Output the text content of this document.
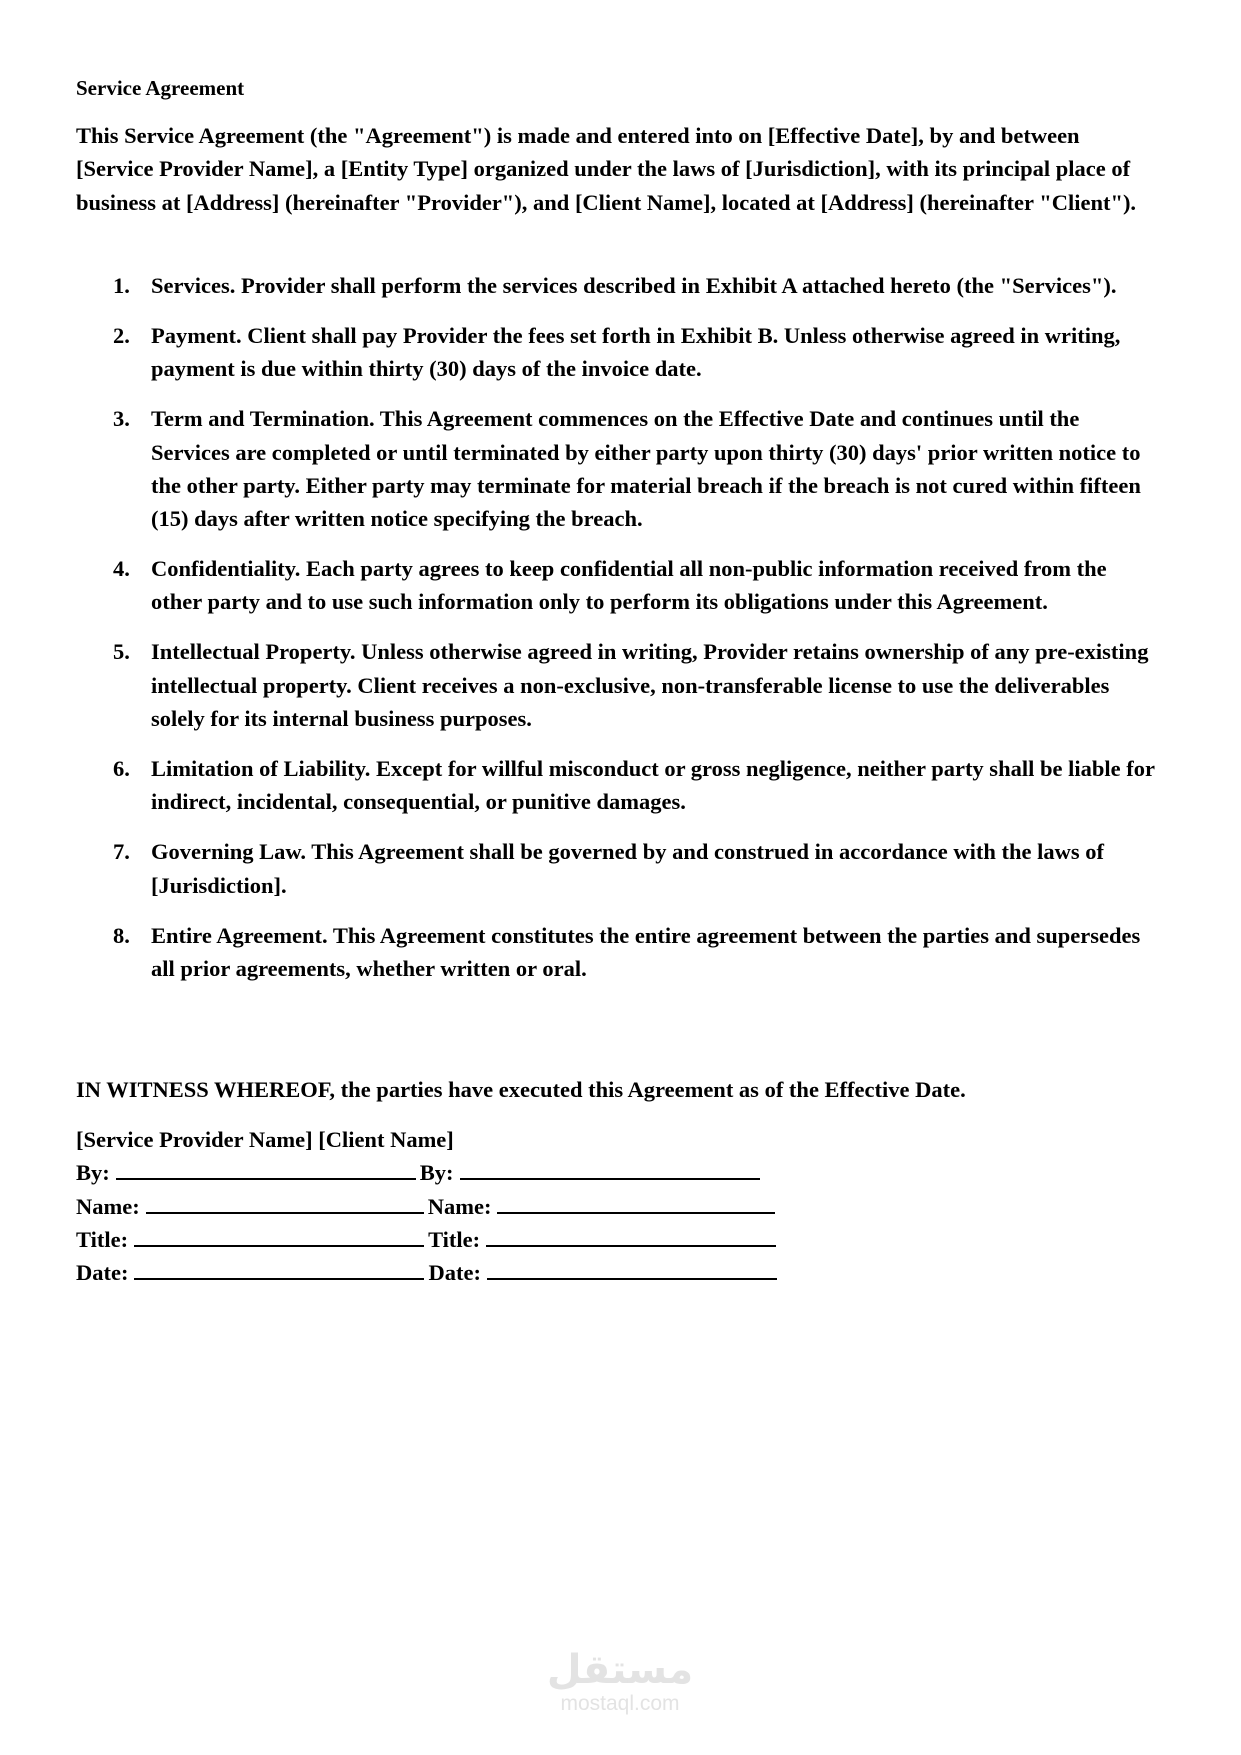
Service Agreement
This Service Agreement (the "Agreement") is made and entered into on [Effective Date], by and between [Service Provider Name], a [Entity Type] organized under the laws of [Jurisdiction], with its principal place of business at [Address] (hereinafter "Provider"), and [Client Name], located at [Address] (hereinafter "Client").
1. Services. Provider shall perform the services described in Exhibit A attached hereto (the "Services").
2. Payment. Client shall pay Provider the fees set forth in Exhibit B. Unless otherwise agreed in writing, payment is due within thirty (30) days of the invoice date.
3. Term and Termination. This Agreement commences on the Effective Date and continues until the Services are completed or until terminated by either party upon thirty (30) days' prior written notice to the other party. Either party may terminate for material breach if the breach is not cured within fifteen (15) days after written notice specifying the breach.
4. Confidentiality. Each party agrees to keep confidential all non-public information received from the other party and to use such information only to perform its obligations under this Agreement.
5. Intellectual Property. Unless otherwise agreed in writing, Provider retains ownership of any pre-existing intellectual property. Client receives a non-exclusive, non-transferable license to use the deliverables solely for its internal business purposes.
6. Limitation of Liability. Except for willful misconduct or gross negligence, neither party shall be liable for indirect, incidental, consequential, or punitive damages.
7. Governing Law. This Agreement shall be governed by and construed in accordance with the laws of [Jurisdiction].
8. Entire Agreement. This Agreement constitutes the entire agreement between the parties and supersedes all prior agreements, whether written or oral.
IN WITNESS WHEREOF, the parties have executed this Agreement as of the Effective Date.
[Service Provider Name] [Client Name]
By:	By:
Name:	Name:
Title:	Title:
Date:	Date:
مستقل
mostaql.com
